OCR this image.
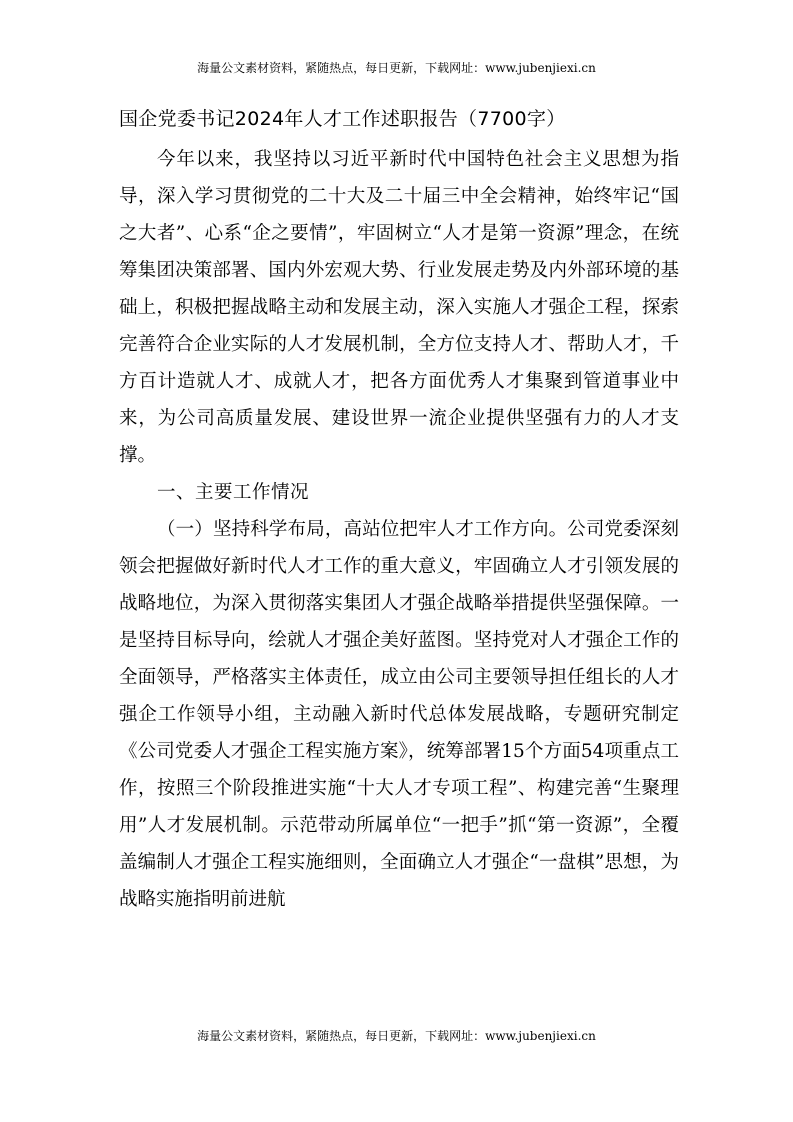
海量公文素材资料，紧随热点，每日更新，下载网址：www.jubenjiexi.cn
国企党委书记2024年人才工作述职报告（7700字）

今年以来，我坚持以习近平新时代中国特色社会主义思想为指导，深入学习贯彻党的二十大及二十届三中全会精神，始终牢记“国之大者”、心系“企之要情”，牢固树立“人才是第一资源”理念，在统筹集团决策部署、国内外宏观大势、行业发展走势及内外部环境的基础上，积极把握战略主动和发展主动，深入实施人才强企工程，探索完善符合企业实际的人才发展机制，全方位支持人才、帮助人才，千方百计造就人才、成就人才，把各方面优秀人才集聚到管道事业中来，为公司高质量发展、建设世界一流企业提供坚强有力的人才支撑。

一、主要工作情况

（一）坚持科学布局，高站位把牢人才工作方向。公司党委深刻领会把握做好新时代人才工作的重大意义，牢固确立人才引领发展的战略地位，为深入贯彻落实集团人才强企战略举措提供坚强保障。一是坚持目标导向，绘就人才强企美好蓝图。坚持党对人才强企工作的全面领导，严格落实主体责任，成立由公司主要领导担任组长的人才强企工作领导小组，主动融入新时代总体发展战略，专题研究制定《公司党委人才强企工程实施方案》，统筹部署15个方面54项重点工作，按照三个阶段推进实施“十大人才专项工程”、构建完善“生聚理用”人才发展机制。示范带动所属单位“一把手”抓“第一资源”，全覆盖编制人才强企工程实施细则，全面确立人才强企“一盘棋”思想，为战略实施指明前进航

海量公文素材资料，紧随热点，每日更新，下载网址：www.jubenjiexi.cn
